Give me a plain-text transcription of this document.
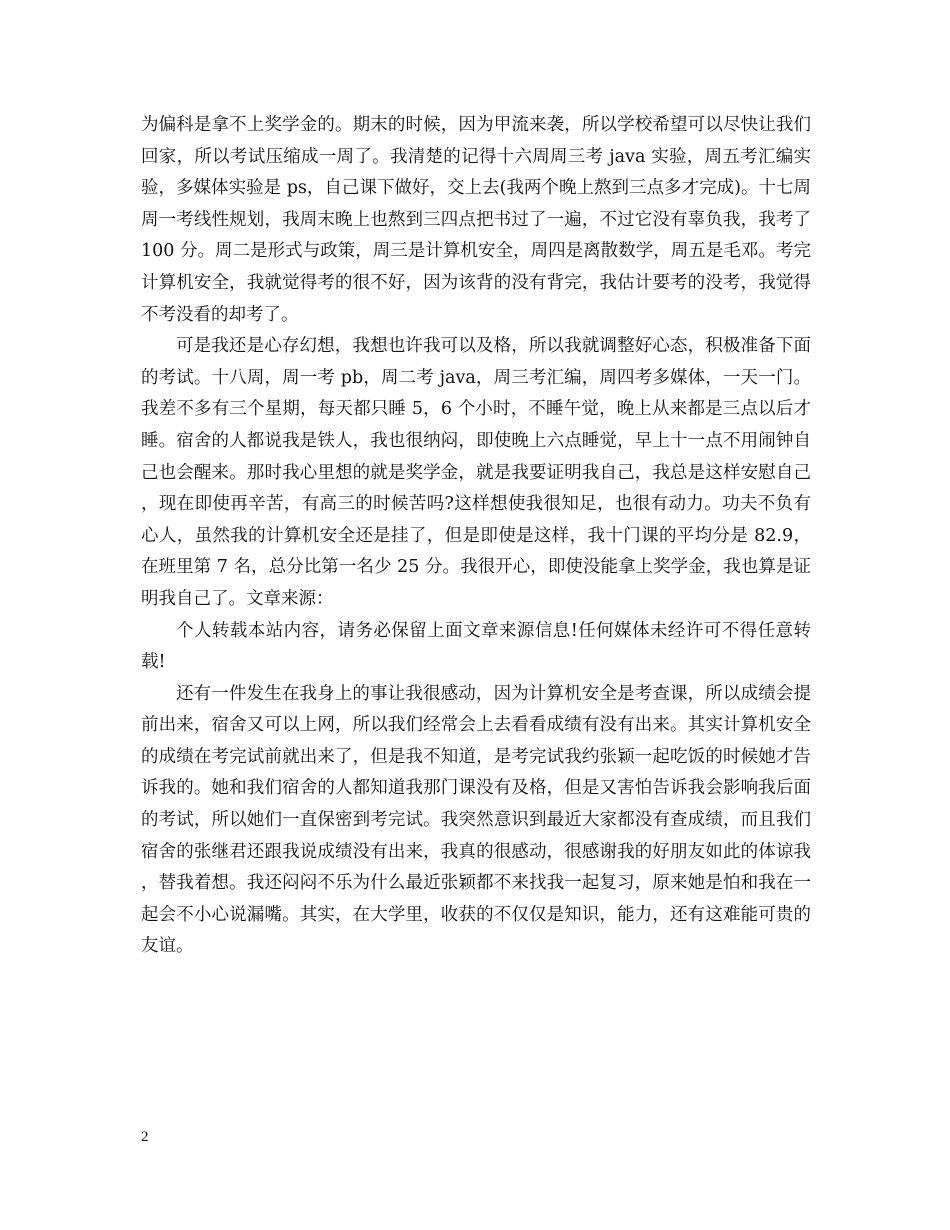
为偏科是拿不上奖学金的。期末的时候，因为甲流来袭，所以学校希望可以尽快让我们回家，所以考试压缩成一周了。我清楚的记得十六周周三考 java 实验，周五考汇编实验，多媒体实验是 ps，自己课下做好，交上去(我两个晚上熬到三点多才完成)。十七周周一考线性规划，我周末晚上也熬到三四点把书过了一遍，不过它没有辜负我，我考了 100 分。周二是形式与政策，周三是计算机安全，周四是离散数学，周五是毛邓。考完计算机安全，我就觉得考的很不好，因为该背的没有背完，我估计要考的没考，我觉得不考没看的却考了。

可是我还是心存幻想，我想也许我可以及格，所以我就调整好心态，积极准备下面的考试。十八周，周一考 pb，周二考 java，周三考汇编，周四考多媒体，一天一门。我差不多有三个星期，每天都只睡 5，6 个小时，不睡午觉，晚上从来都是三点以后才睡。宿舍的人都说我是铁人，我也很纳闷，即使晚上六点睡觉，早上十一点不用闹钟自己也会醒来。那时我心里想的就是奖学金，就是我要证明我自己，我总是这样安慰自己，现在即使再辛苦，有高三的时候苦吗?这样想使我很知足，也很有动力。功夫不负有心人，虽然我的计算机安全还是挂了，但是即使是这样，我十门课的平均分是 82.9，在班里第 7 名，总分比第一名少 25 分。我很开心，即使没能拿上奖学金，我也算是证明我自己了。文章来源：

个人转载本站内容，请务必保留上面文章来源信息!任何媒体未经许可不得任意转载!

还有一件发生在我身上的事让我很感动，因为计算机安全是考查课，所以成绩会提前出来，宿舍又可以上网，所以我们经常会上去看看成绩有没有出来。其实计算机安全的成绩在考完试前就出来了，但是我不知道，是考完试我约张颖一起吃饭的时候她才告诉我的。她和我们宿舍的人都知道我那门课没有及格，但是又害怕告诉我会影响我后面的考试，所以她们一直保密到考完试。我突然意识到最近大家都没有查成绩，而且我们宿舍的张继君还跟我说成绩没有出来，我真的很感动，很感谢我的好朋友如此的体谅我，替我着想。我还闷闷不乐为什么最近张颖都不来找我一起复习，原来她是怕和我在一起会不小心说漏嘴。其实，在大学里，收获的不仅仅是知识，能力，还有这难能可贵的友谊。

2
